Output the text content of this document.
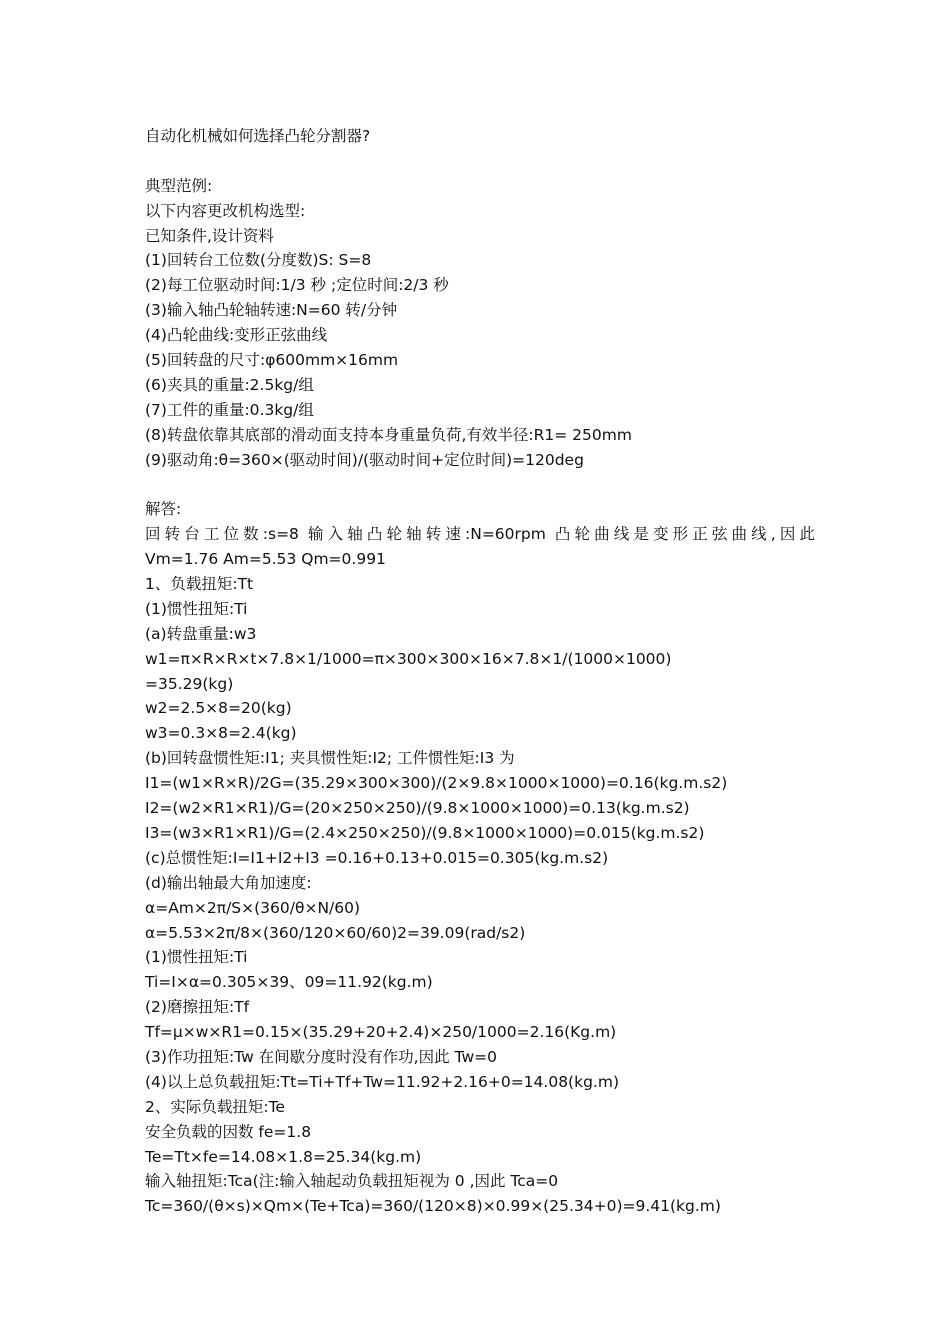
自动化机械如何选择凸轮分割器?
典型范例:
以下内容更改机构选型:
已知条件,设计资料
(1)回转台工位数(分度数)S: S=8
(2)每工位驱动时间:1/3 秒 ;定位时间:2/3 秒
(3)输入轴凸轮轴转速:N=60 转/分钟
(4)凸轮曲线:变形正弦曲线
(5)回转盘的尺寸:φ600mm×16mm
(6)夹具的重量:2.5kg/组
(7)工件的重量:0.3kg/组
(8)转盘依靠其底部的滑动面支持本身重量负荷,有效半径:R1= 250mm
(9)驱动角:θ=360×(驱动时间)/(驱动时间+定位时间)=120deg
解答:
回转台工位数:s=8 输入轴凸轮轴转速:N=60rpm 凸轮曲线是变形正弦曲线,因此
Vm=1.76 Am=5.53 Qm=0.991
1、负载扭矩:Tt
(1)惯性扭矩:Ti
(a)转盘重量:w3
w1=π×R×R×t×7.8×1/1000=π×300×300×16×7.8×1/(1000×1000)
=35.29(kg)
w2=2.5×8=20(kg)
w3=0.3×8=2.4(kg)
(b)回转盘惯性矩:I1; 夹具惯性矩:I2; 工件惯性矩:I3 为
I1=(w1×R×R)/2G=(35.29×300×300)/(2×9.8×1000×1000)=0.16(kg.m.s2)
I2=(w2×R1×R1)/G=(20×250×250)/(9.8×1000×1000)=0.13(kg.m.s2)
I3=(w3×R1×R1)/G=(2.4×250×250)/(9.8×1000×1000)=0.015(kg.m.s2)
(c)总惯性矩:I=I1+I2+I3 =0.16+0.13+0.015=0.305(kg.m.s2)
(d)输出轴最大角加速度:
α=Am×2π/S×(360/θ×N/60)
α=5.53×2π/8×(360/120×60/60)2=39.09(rad/s2)
(1)惯性扭矩:Ti
Ti=I×α=0.305×39、09=11.92(kg.m)
(2)磨擦扭矩:Tf
Tf=μ×w×R1=0.15×(35.29+20+2.4)×250/1000=2.16(Kg.m)
(3)作功扭矩:Tw 在间歇分度时没有作功,因此 Tw=0
(4)以上总负载扭矩:Tt=Ti+Tf+Tw=11.92+2.16+0=14.08(kg.m)
2、实际负载扭矩:Te
安全负载的因数 fe=1.8
Te=Tt×fe=14.08×1.8=25.34(kg.m)
输入轴扭矩:Tca(注:输入轴起动负载扭矩视为 0 ,因此 Tca=0
Tc=360/(θ×s)×Qm×(Te+Tca)=360/(120×8)×0.99×(25.34+0)=9.41(kg.m)
